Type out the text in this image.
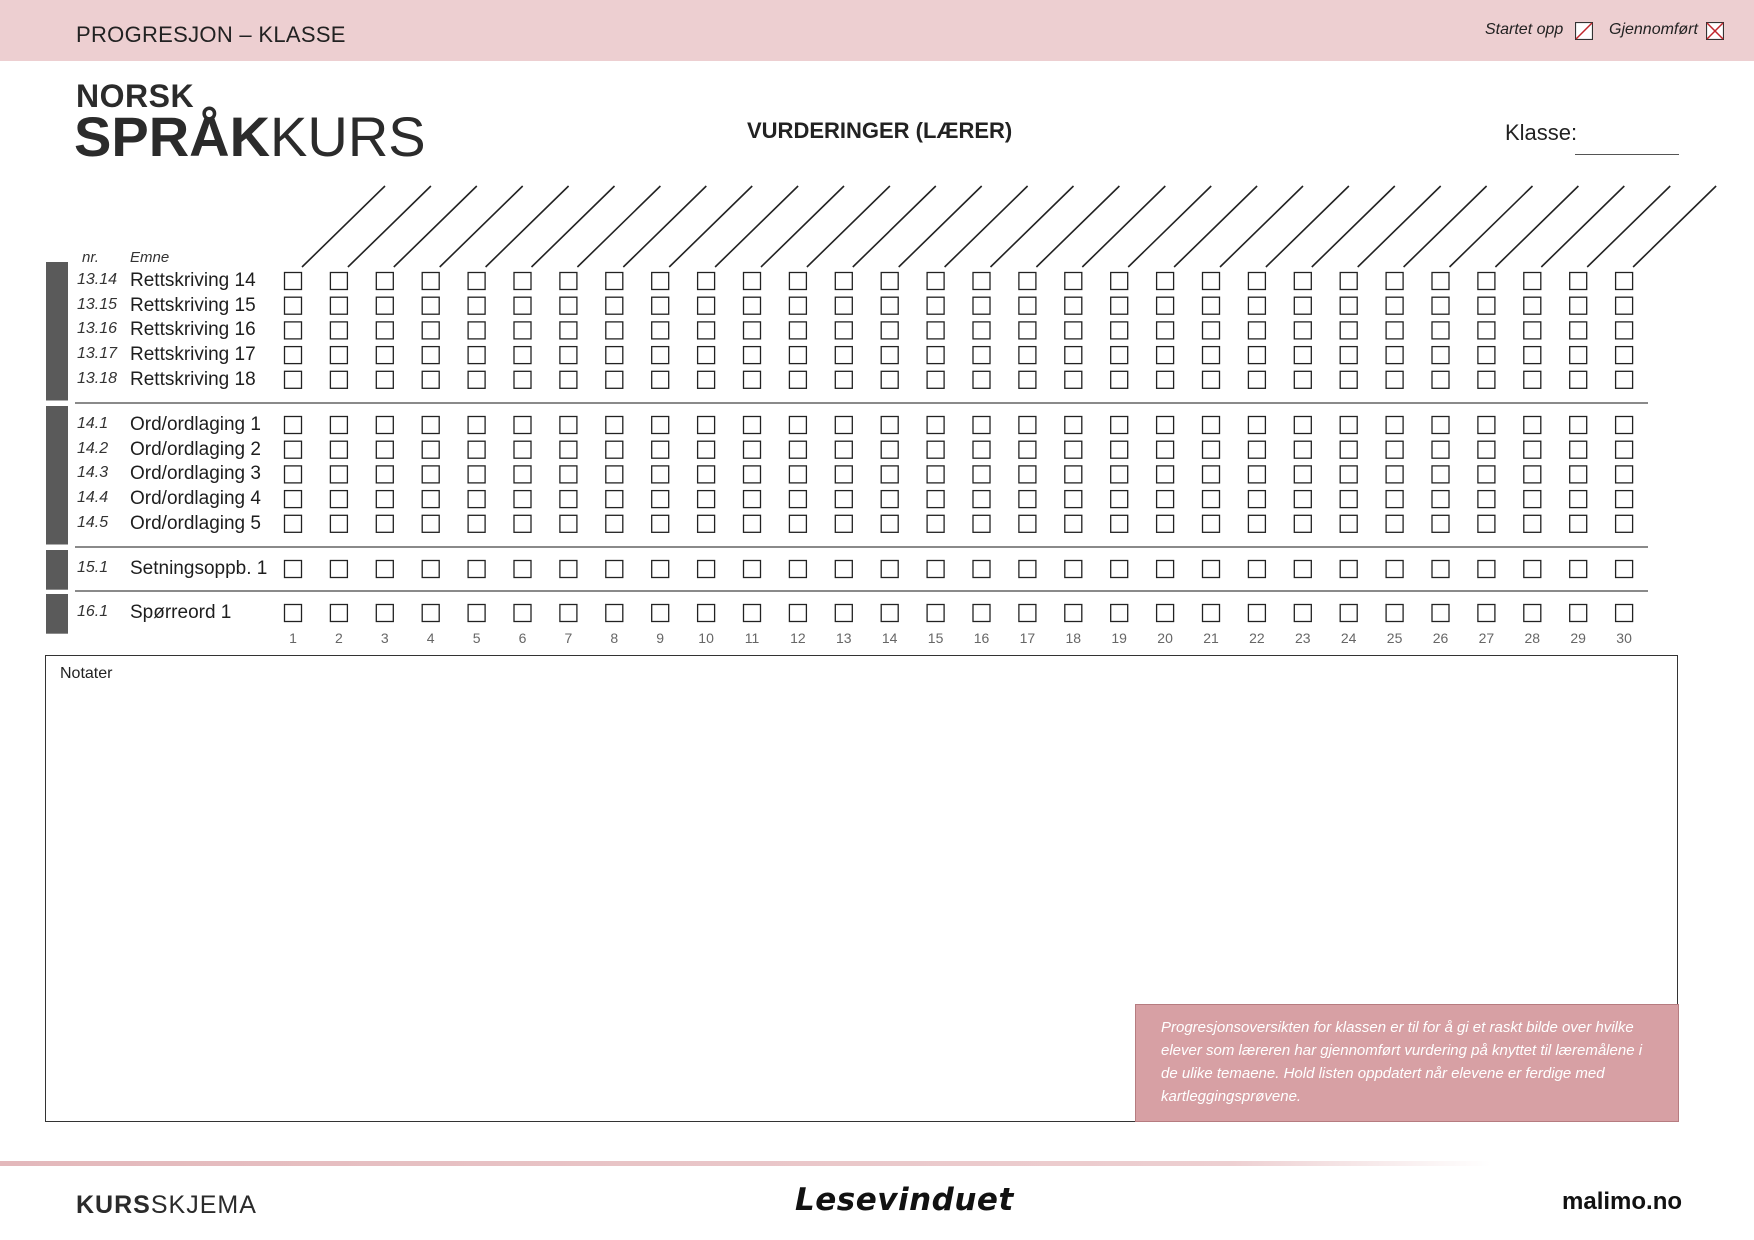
PROGRESJON – KLASSE	Startet opp	Gjennomført
NORSK
SPRÅKKURS	VURDERINGER (LÆRER)	Klasse:
nr. Emne
13.14 Rettskriving 14
13.15 Rettskriving 15
13.16 Rettskriving 16
13.17 Rettskriving 17
13.18 Rettskriving 18
14.1 Ord/ordlaging 1
14.2 Ord/ordlaging 2
14.3 Ord/ordlaging 3
14.4 Ord/ordlaging 4
14.5 Ord/ordlaging 5
15.1 Setningsoppb. 1
16.1 Spørreord 1
1	2	3	4	5	6	7	8	9	10	11	12	13	14	15	16	17	18	19	20	21	22	23	24	25	26	27	28	29	30
Notater
Progresjonsoversikten for klassen er til for å gi et raskt bilde over hvilke elever som læreren har gjennomført vurdering på knyttet til læremålene i de ulike temaene. Hold listen oppdatert når elevene er ferdige med kartleggingsprøvene.
KURSSKJEMA	Lesevinduet	malimo.no
